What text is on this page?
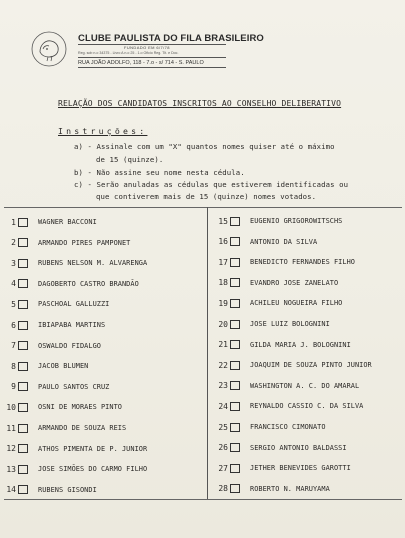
CLUBE PAULISTA DO FILA BRASILEIRO
FUNDADO EM 6/7/78
Reg. sob n.o 34375 - Livro A n.o 25 - 1.o Oficio Reg. Tit. e Doc.
RUA JOÃO ADOLFO, 118 - 7.o - s/ 714 - S. PAULO
RELAÇÃO DOS CANDIDATOS INSCRITOS AO CONSELHO DELIBERATIVO
Instruções:
a) - Assinale com um "X" quantos nomes quiser até o máximo
de 15 (quinze).
b) - Não assine seu nome nesta cédula.
c) - Serão anuladas as cédulas que estiverem identificadas ou
que contiverem mais de 15 (quinze) nomes votados.
1	WAGNER BACCONI
2	ARMANDO PIRES PAMPONET
3	RUBENS NELSON M. ALVARENGA
4	DAGOBERTO CASTRO BRANDÃO
5	PASCHOAL GALLUZZI
6	IBIAPABA MARTINS
7	OSWALDO FIDALGO
8	JACOB BLUMEN
9	PAULO SANTOS CRUZ
10	OSNI DE MORAES PINTO
11	ARMANDO DE SOUZA REIS
12	ATHOS PIMENTA DE P. JUNIOR
13	JOSE SIMÕES DO CARMO FILHO
14	RUBENS GISONDI
15	EUGENIO GRIGOROWITSCHS
16	ANTONIO DA SILVA
17	BENEDICTO FERNANDES FILHO
18	EVANDRO JOSE ZANELATO
19	ACHILEU NOGUEIRA FILHO
20	JOSE LUIZ BOLOGNINI
21	GILDA MARIA J. BOLOGNINI
22	JOAQUIM DE SOUZA PINTO JUNIOR
23	WASHINGTON A. C. DO AMARAL
24	REYNALDO CASSIO C. DA SILVA
25	FRANCISCO CIMONATO
26	SERGIO ANTONIO BALDASSI
27	JETHER BENEVIDES GAROTTI
28	ROBERTO N. MARUYAMA
